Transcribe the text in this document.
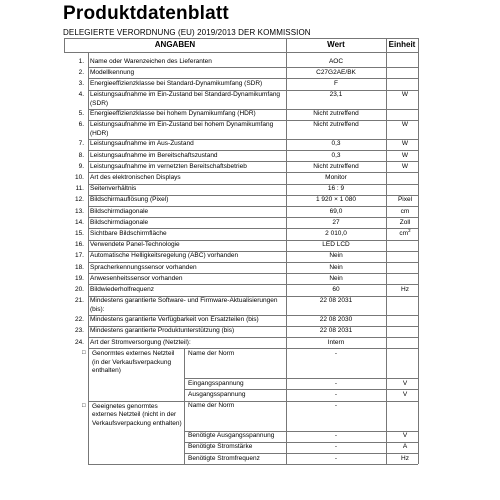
Produktdatenblatt
DELEGIERTE VERORDNUNG (EU) 2019/2013 DER KOMMISSION
ANGABEN	Wert	Einheit
1. Name oder Warenzeichen des Lieferanten	AOC
2. Modellkennung	C27G2AE/BK
3. Energieeffizienzklasse bei Standard-Dynamikumfang (SDR)	F
4. Leistungsaufnahme im Ein-Zustand bei Standard-Dynamikumfang
(SDR)
23,1	W
5. Energieeffizienzklasse bei hohem Dynamikumfang (HDR)	Nicht zutreffend
6. Leistungsaufnahme im Ein-Zustand bei hohem Dynamikumfang
(HDR)
Nicht zutreffend	W
7. Leistungsaufnahme im Aus-Zustand	0,3	W
8. Leistungsaufnahme im Bereitschaftszustand	0,3	W
9. Leistungsaufnahme im vernetzten Bereitschaftsbetrieb	Nicht zutreffend	W
10. Art des elektronischen Displays	Monitor
11. Seitenverhältnis	16 : 9
12. Bildschirmauflösung (Pixel)	1 920 × 1 080	Pixel
13. Bildschirmdiagonale	69,0	cm
14. Bildschirmdiagonale	27	Zoll
15. Sichtbare Bildschirmfläche	2 010,0	$cm^2$
16. Verwendete Panel-Technologie	LED LCD
17. Automatische Helligkeitsregelung (ABC) vorhanden	Nein
18. Spracherkennungssensor vorhanden	Nein
19. Anwesenheitssensor vorhanden	Nein
20. Bildwiederholfrequenz	60	Hz
21. Mindestens garantierte Software- und Firmware-Aktualisierungen
(bis):
22 08 2031
22. Mindestens garantierte Verfügbarkeit von Ersatzteilen (bis)	22 08 2030
23. Mindestens garantierte Produktunterstützung (bis)	22 08 2031
24. Art der Stromversorgung (Netzteil):	Intern
□ Genormtes externes Netzteil
(in der Verkaufsverpackung
enthalten)
Name der Norm	-
Eingangsspannung	-	V
Ausgangsspannung	-	V
□ Geeignetes genormtes
externes Netzteil (nicht in der
Verkaufsverpackung enthalten)
Name der Norm	-
Benötigte Ausgangsspannung	-	V
Benötigte Stromstärke	-	A
Benötigte Stromfrequenz	-	Hz
